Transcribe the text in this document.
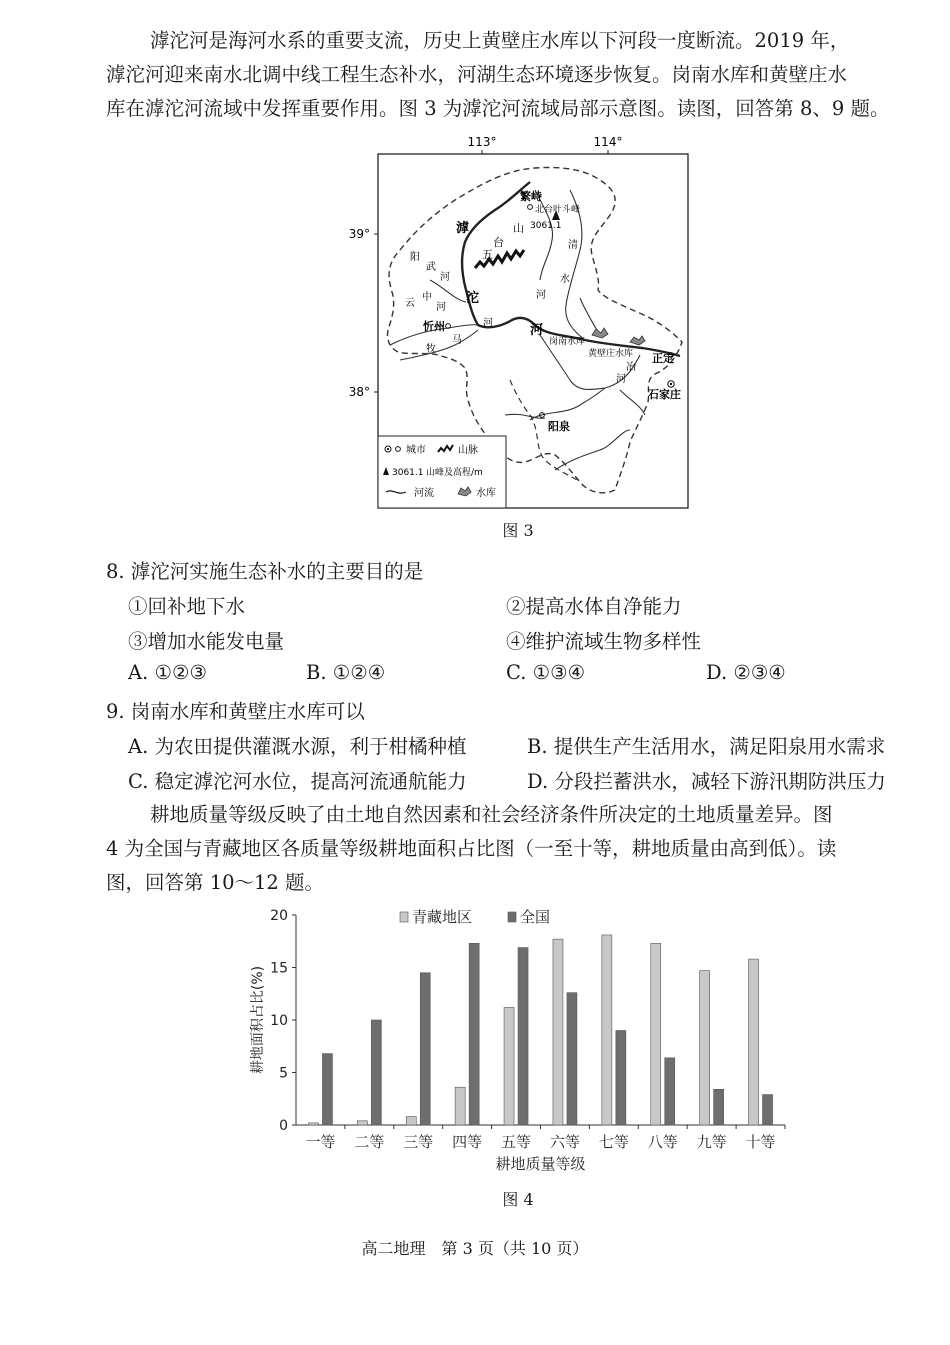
滹沱河是海河水系的重要支流，历史上黄壁庄水库以下河段一度断流。2019 年，

滹沱河迎来南水北调中线工程生态补水，河湖生态环境逐步恢复。岗南水库和黄壁庄水

库在滹沱河流域中发挥重要作用。图 3 为滹沱河流域局部示意图。读图，回答第 8、9 题。

113°	114°
39°
38°
繁峙
北台叶斗峰
3061.1
忻州
正定
石家庄
阳泉
岗南水库
黄壁庄水库
五
台
山
滹
沱
河
阳
武
河
云
中
河
清
水
河
牧
马
河
冶
河
城市	山脉
3061.1 山峰及高程/m
河流	水库
图 3
8. 滹沱河实施生态补水的主要目的是
①回补地下水	②提高水体自净能力
③增加水能发电量	④维护流域生物多样性
A. ①②③	B. ①②④	C. ①③④	D. ②③④
9. 岗南水库和黄壁庄水库可以
A. 为农田提供灌溉水源，利于柑橘种植	B. 提供生产生活用水，满足阳泉用水需求
C. 稳定滹沱河水位，提高河流通航能力	D. 分段拦蓄洪水，减轻下游汛期防洪压力

耕地质量等级反映了由土地自然因素和社会经济条件所决定的土地质量差异。图

4 为全国与青藏地区各质量等级耕地面积占比图（一至十等，耕地质量由高到低）。读

图，回答第 10～12 题。

0
5
10
15
20
耕地面积占比(%)
一等 二等 三等 四等 五等 六等 七等 八等 九等 十等
耕地质量等级
青藏地区	全国
图 4
高二地理　第 3 页（共 10 页）
